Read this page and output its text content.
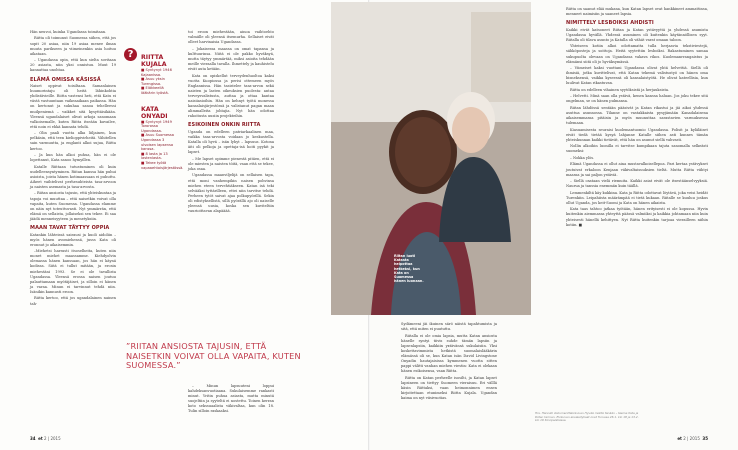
Hän neuvoi, kuinka Ugandassa toimitaan.

Riitta oli toimunut Suomessa siihen, että jos sopit 20 asiaa, niin 19 asiaa menee ilman muuta parikseen ja viimeinenkin asia hoituu aikataan.

– Ugandassa opin, että kun sielta sovitaan 20 asiasta, niin yksi onnistuu. Muut 19 kannattaa unohtaa.

ELÄMÄ OMISSA KÄSISSÄ

Naiset oppivat toisiltaan. Samanlainen huumorintaju oli heitä lähinkohtia yhdistävieille. Riitta vastensi heti, että Katu ei västä vastuuntaan vaikeaaikaan paikassa. Hän on kertonut ja sukuhaa sanoa tehelleessi muilpeniemä – vaikket sitä kysyttäisikään. Yleensä ugandalaiset olivat arkoja sanomaan valkoisemalle, kuten Riitta itseään kuvailee, että noin ei ehkä kannata tehdä.

– Olin paali vuotta alka liiljainen, kun pelkäsin, että teen kielioppivirheitä. Vähitellen sain varmuutta, ja englanti alkoi sujua, Riitta kertoo.

– Ja kun hän alkoi puhua, hän ei ole lopettanut, Kata sanoo hymyillen.

Katalle Riittaan tutustuminen oli kuin uudelleensyntyminen. Riitan kanssa hän puhui asioista, joista hänen kotimaassaan ei puhuttu. Aiheet vaihtelivat perhesuhteista tasa-arvoon ja naisten asemasta ja tasa-arvosta.

– Riitan ansiosta tajusin, että yhteiskuntaa ja tapoja voi muuttaa – että naisetkin voivat olla vapaita, kuten Suomessa. Ugandassa elamme on näin nyt toteuttuvasti. Nyt ymmärrän, että elämä on sellaista, jollaiseksi sen tekee. Ei saa jäädä menneisyyteen ja menetyksiin.

MAAN TAVAT TÄYTYY OPPIA

Katankin lähteissä sairausi ja kuoli aidoliin – myös hänen avomiehensä, jusss Kata oli eronnut jo aikaisemmin.

–Miehetsi harrasti itsoselheita, kuten niin monet miehet maassamme. Kiehdyolvin olemassa hänen kanssaan, jos hän ei käynä kodissa. Siitä ei tullut mitään, ja erosin miehestäni 1993. Se ei ole tavallista Ugandassa. Yleensä erossa naisen joutuu palauttamaan myötäjäiset, ja silloin ei hänen ja varaa. Minun ei tarvinnut tehdä niin. Isänikin kannusti eroon.

Riitta kertoo, että jos ugandalainen nainen tah-

?	RIITTA KUJALA
■ Syntynyt 1946 Kajaanissa.
■ Asuu yksin Turengissa.
■ Eläkkeellä lääkärin työstä.
KATA ONYADI
■ Syntynyt 1949 Tororossa Ugandassa.
■ Asuu Suomessa Ugandassa 3 ulvoisen lapsensa kanssa.
■ 8 lasta ja 13 lastenlasta.
■ Tekee työtä vapaaehtoisjärjestössä.

toi eroon miehestään, ainoa vaihtoehto valmiille oli yleensä itsemurha. Sellaiset eivät olleet harvinaisia Ugandassa.

– Jokaisessa maassa on omat tapansa ja kulttuurinsa. Niitä ei ole pakko hyväksyä, mutta täytyy ymmärtää, miksi asioita tehdään meille vieraalla tavalla. Ihmettely ja kauhistelu eivät auta ketään.

Kata on opiskellut terveydenhuoltoa kaksi vuotta Kuopiossa ja perisi ottemeen myös Englannissa. Hän tasistelee tasa-arvon sekä naisten ja lasten oikeuksien puolesta: antaa terveysvalistusta, auttaa ja ottaa kantaa naisiiasioihin. Hän on kehnyt työtä monessa kansalaisjärjestössä ja valistanut pagan maan alimmalleita johtajia. Nyt hän odottaa rahoitusta uusiin projekteihin.

ESIKOINEN ONKIN RIITTA

Uganda on edelleen patriarkaalinen maa, vaikka tasa-arvosta voidaan jo keskustella. Katalla oli hyvä – isän lyhyt – lapsuus. Kotona äiti oli pelkoja ja opettaja-isä hoiti pyykit ja lapset.

– Me lapset opimme pienestä pitäen, että ei ole miesten ja naisten töitä, vaan että se tekee, joka osaa.

Ugandassa maanviljelijä on sellaisen tapa, että moni vanhempikin naisen pohvinsa miehen eteen tervehtiäkseen. Katan isä teki selvääksi tyttärilleen, ettei niin tarvitse tehdä. Perheen tytöt saivat ajaa polkupyörillä. Sekin oli edistyksellistä, sillä pyörällä ajo oli naiselle yleensä uusia, koska sen kuviteltiin vaurioittavan alapääää.

”RIITAN ANSIOSTA TAJUSIN, ETTÄ NAISETKIN VOIVAT OLLA VAPAITA, KUTEN SUOMESSA.”

– Minun lapsuuteni loppui kahdeksanvuotiaana. Sukulaisemme rankasti minut. Yritin puhua asiasta, mutta minutä suojeltiin ja syyteltä ei nostettu. Toinen kerran koto sekssuaalista väkivaltaa, kun olin 18. Tulin silloin raskaaksi.

Riitan luoti Katasta helpottaa hetkeksi, kun Kata on Suomessa hänen luonaan.

Sydämeeni jäi ikuinen särö näistä tapahtumista ja sitä, että miten ei puututtu.

Riitalla ei ole omia lapsia, mutta Katan ansiosta hänelle syntyi tiivis suhde tämän lapsiin ja lapsenlapsiin, kaikkiin yxtävänsä sukulaisiin. Yksi koskettavimmista hetkistä suomalaislääkärin elämässä oli se, kun Katan isän David Livingstone Onyadin hautajaisissa kymmenen vuotta sitten pappi välitti vanhan miehen viestin: Kata ei olekaan hänen esikoisensa, vaan Riitta.

Riitta on Katan perheelle isosilti, ja Katan lapset lapsineen on tiettyy Suomeen vieraisuu. Eri välllä käsin Riittaksi, vaan heimonnimen ensen kirjoitettaan etunimeksi Riitta Kujala. Ugandan kaima on nyt viisivuotias.

Riitta on saanut elää mukana, kun Katan lapset ovat hankkineet ammattinsa, menneet naimisiin ja saaneet lapsia.

NIMITTELY LESBOIKSI AHDISTI

Kaikki eivät katsoneet Riitan ja Katan ystävyyttä ja yhdessä asumista Ugandassa hyvällä. Yhdessä asuminen oli kuitenkin käytännöllisen syyt. Riitalla oli tilava asunto ja Katalla oli vähät varat omaan taloon.

Yhteiseen kotiin alkoi odottamatta tulla herjaavia tekstiviestejä, sähköposteja ja soittoja. Heitä syytettiin lesboiksi. Rakastuminen samaa sukupuolta olevaan on Ugandassa vakava rikos. Kuolemanrrangaistus ja elämänsi siitä oli jo hyväksymässä.

– Viimeiset kaksi vuottani Ugandassa olivat yhtä helvettiä. Siellä oli ihmisiä, jotka kuvittelivat, että Katan tekemä valistustyö on hänen oma bisneksensä, vaikka kyseessä oli kansalaistyötä. He olivat kateellisia, kun luulivat Katan rikastuvan.

Riitta on edelleen vihainen syytöksistä ja herjauksista.

– Helvetti. Minä saan olla ystävä, kenen kanssa haluan. Jos joku tekee sitä ongelman, se on hänen pulmansa.

Riitan lähdössä sentään pääsivät ja Katan rikastui ja jäi aikoi yhdessä asuttua asunnossa. Tilanne on vastakkaista pysyjämään Kanadalaisena aikaisemmassa pitäisin ja myös muunuttaa sarastavien varmuksessa tulemaan.

Kiasuamisesta seuraisi kuolemantuomio Ugandassa. Polisit ja kyläläiset eivät tiedä tietää kysyä lahjanne Katalle siihen asti kunnes tämän yhteiskunnan kaikki tietävät, että hän on asunut siellä vahvasti.

Nollin alkoihin luonilla ei tarvitse kumpikaan tajuta sanomalla selkeästi suomeksi:

– Nokka ylös.

Elämä Ugandassa ei ollut aina mustavalkoisellepoa. Pari kertaa ystävykset joutuivat erkaloon Kenjaan väkivaltaisuuksien tieltä. Mutta Riitta viihtyi maassa ja sai paljon ystäviä.

– Siellä osataan vielä riemuita. Kaikki asiat eivät ole itsestäänselvyyksiä. Naurua ja tanssia enemmän kuin täällä.

Lemmenkiltä käy kukkina. Kata ja Riitta odottavat löytävä, joka veisi heidät Turenkiin. Leipahiista määrämpää ei tietä kukaan. Riitalle se kuuluu joskus ollut Uganda, jos keit-Suomi ja Kata on hänen aikaista.

Kata taas tahtoo jatkaa työtään, hänen erityisesti ei ole kopussa. Hyvin kuitenkin aiemmassa yhteyttä päässä valmiiksi ja kaikkia johtamaan niin kuin yhteisesti hänellä kehittyen. Nyt Riitta kuitenkin tarjoaa vierailleen niihin kotiin. ■

Hrs. Hänneti dokumenttielokuvan Hyvää mieltä tänään – teema Kata ja Riitan tarinan. Elokuvan ensiesitykset ovat Turussa 26.1. klo 18 ja 13.2. klo 19 Kinopalatsissa.
34 et 2 | 2015	et 2 | 2015 35
